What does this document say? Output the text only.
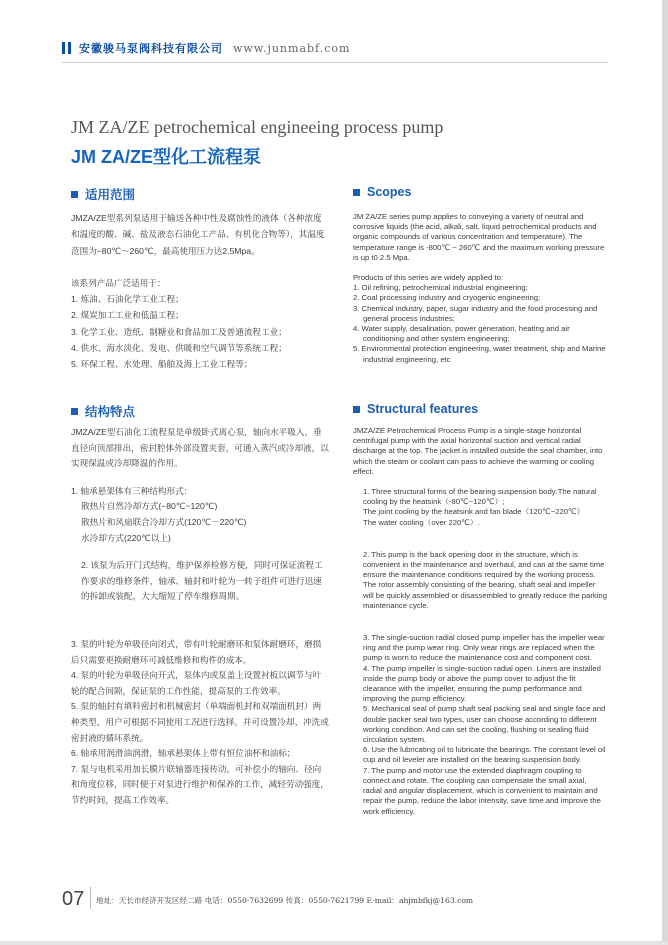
安徽骏马泵阀科技有限公司 www.junmabf.com
JM ZA/ZE petrochemical engineeing process pump
JM ZA/ZE型化工流程泵
适用范围

JMZA/ZE型系列泵适用于输送各种中性及腐蚀性的液体（各种浓度和温度的酸、碱、盐及液态石油化工产品、有机化合物等），其温度范围为−80℃～260℃，最高使用压力达2.5Mpa。

该系列产品广泛适用于：

1. 炼油、石油化学工业工程；

2. 煤炭加工工业和低温工程；

3. 化学工业、造纸、制糖业和食品加工及普通流程工业；

4. 供水、海水淡化、发电、供暖和空气调节等系统工程；

5. 环保工程、水处理、船舶及海上工业工程等；

Scopes

JM ZA/ZE series pump applies to conveying a variety of neutral and corrosive liquids (the acid, alkali, salt, liquid petrochemical products and organic compounds of various concentration and temperature). The temperature range is -800℃ ~ 260℃ and the maximum working pressure is up t0 2.5 Mpa.

Products of this series are widely applied to:

1. Oil refining, petrochemical industrial engineering;

2. Coal processing industry and cryogenic engineering;

3. Chemical industry, paper, sugar industry and the food processing and general process industries;

4. Water supply, desalination, power generation, heating and air conditioning and other system engineering;

5. Environmental protection engineering, water treatment, ship and Marine industrial engineering, etc

结构特点

JMZA/ZE型石油化工流程泵是单级卧式离心泵，轴向水平吸入，垂直径向顶部排出，密封腔体外部设置夹套，可通入蒸汽或冷却液，以实现保温或冷却降温的作用。

1. 轴承悬架体有三种结构形式：

散热片自然冷却方式(−80℃~120℃)

散热片和风扇联合冷却方式(120℃－220℃)

水冷却方式(220℃以上)

2. 该泵为后开门式结构，维护保养检修方便，同时可保证流程工作要求的维修条件，轴承、轴封和叶轮为一转子组件可进行迅速的拆卸或装配，大大缩短了停车维修周期。

3. 泵的叶轮为单吸径向闭式，带有叶轮耐磨环和泵体耐磨环，磨损后只需要更换耐磨环可减低维修和构件的成本。

4. 泵的叶轮为单吸径向开式，泵体内或泵盖上设置衬板以调节与叶轮的配合间隙，保证泵的工作性能，提高泵的工作效率。

5. 泵的轴封有填料密封和机械密封（单端面机封和双端面机封）两种类型，用户可根据不同使用工况进行选择。并可设置冷却、冲洗或密封液的循环系统。

6. 轴承用润滑油润滑，轴承悬架体上带有恒位油杯和油标；

7. 泵与电机采用加长膜片联轴器连接传动，可补偿小的轴向、径向和角度位移，同时便于对泵进行维护和保养的工作，减轻劳动强度，节约时间，提高工作效率。

Structural features

JMZA/ZE Petrochemical Process Pump is a single-stage horizontal centrifugal pump with the axial horizontal suction and vertical radial discharge at the top. The jacket is installed outside the seal chamber, into which the steam or coolant can pass to achieve the warming or cooling effect.

1. Three structural forms of the bearing suspension body:The natural cooling by the heatsink（-80℃~120℃）;

The joint cooling by the heatsink and fan blade（120℃~220℃）

The water cooling（over 220℃）.

2. This pump is the back opening door in the structure, which is convenient in the maintenance and overhaul, and can at the same time ensure the maintenance conditions required by the working process. The rotor assembly consisting of the bearing, shaft seal and impeller will be quickly assembled or disassembled to greatly reduce the parking maintenance cycle.

3. The single-suction radial closed pump impeller has the impeller wear ring and the pump wear ring. Only wear rings are replaced when the pump is worn to reduce the maintenance cost and component cost.

4. The pump impeller is single-suction radial open. Liners are installed inside the pump body or above the pump cover to adjust the fit clearance with the impeller, ensuring the pump performance and improving the pump efficiency.

5. Mechanical seal of pump shaft seal packing seal and single face and double packer seal two types, user can choose according to different working condition. And can set the cooling, flushing or sealing fluid circulation system.

6. Use the lubricating oil to lubricate the bearings. The constant level oil cup and oil leveler are installed on the bearing suspension body.

7. The pump and motor use the extended diaphragm coupling to connect and rotate. The coupling can compensate the small axial, radial and angular displacement, which is convenient to maintain and repair the pump, reduce the labor intensity, save time and improve the work efficiency.

07 地址：天长市经济开发区经二路 电话：0550-7632699 传真：0550-7621799 E-mail：ahjmbfkj@163.com
